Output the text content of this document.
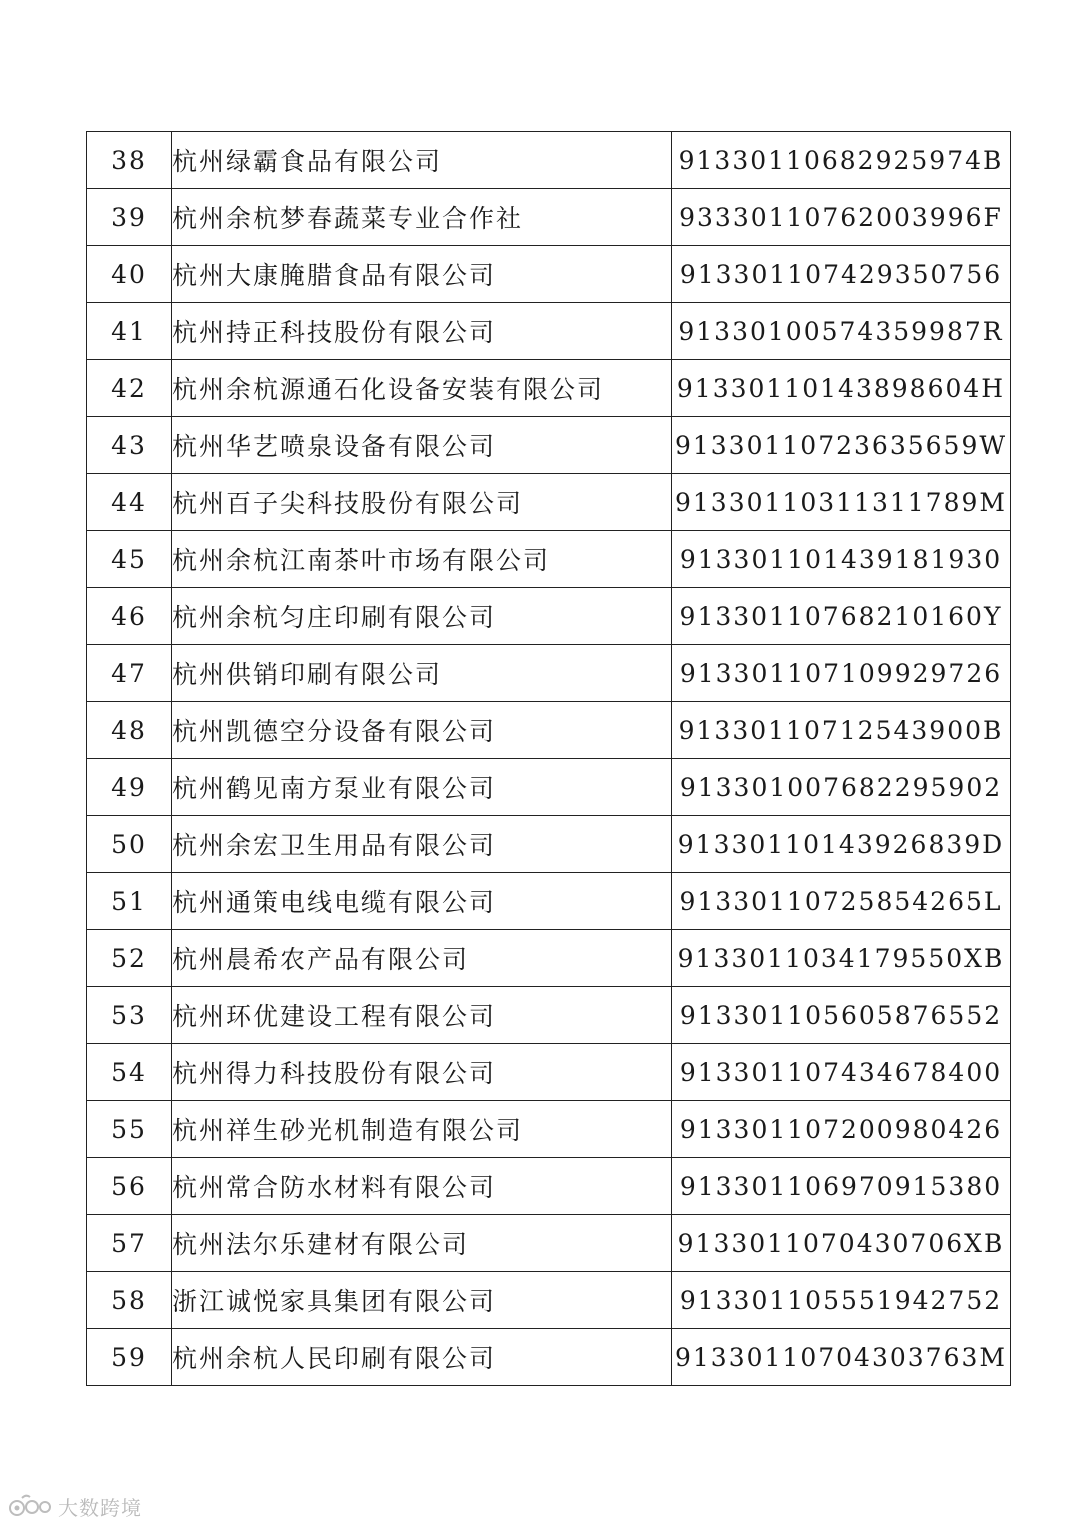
38	杭州绿霸食品有限公司	91330110682925974B
39	杭州余杭梦春蔬菜专业合作社	93330110762003996F
40	杭州大康腌腊食品有限公司	913301107429350756
41	杭州持正科技股份有限公司	91330100574359987R
42	杭州余杭源通石化设备安装有限公司	91330110143898604H
43	杭州华艺喷泉设备有限公司	91330110723635659W
44	杭州百子尖科技股份有限公司	91330110311311789M
45	杭州余杭江南茶叶市场有限公司	913301101439181930
46	杭州余杭匀庄印刷有限公司	91330110768210160Y
47	杭州供销印刷有限公司	913301107109929726
48	杭州凯德空分设备有限公司	91330110712543900B
49	杭州鹤见南方泵业有限公司	913301007682295902
50	杭州余宏卫生用品有限公司	91330110143926839D
51	杭州通策电线电缆有限公司	91330110725854265L
52	杭州晨希农产品有限公司	9133011034179550XB
53	杭州环优建设工程有限公司	913301105605876552
54	杭州得力科技股份有限公司	913301107434678400
55	杭州祥生砂光机制造有限公司	913301107200980426
56	杭州常合防水材料有限公司	913301106970915380
57	杭州法尔乐建材有限公司	9133011070430706XB
58	浙江诚悦家具集团有限公司	913301105551942752
59	杭州余杭人民印刷有限公司	91330110704303763M
大数跨境
